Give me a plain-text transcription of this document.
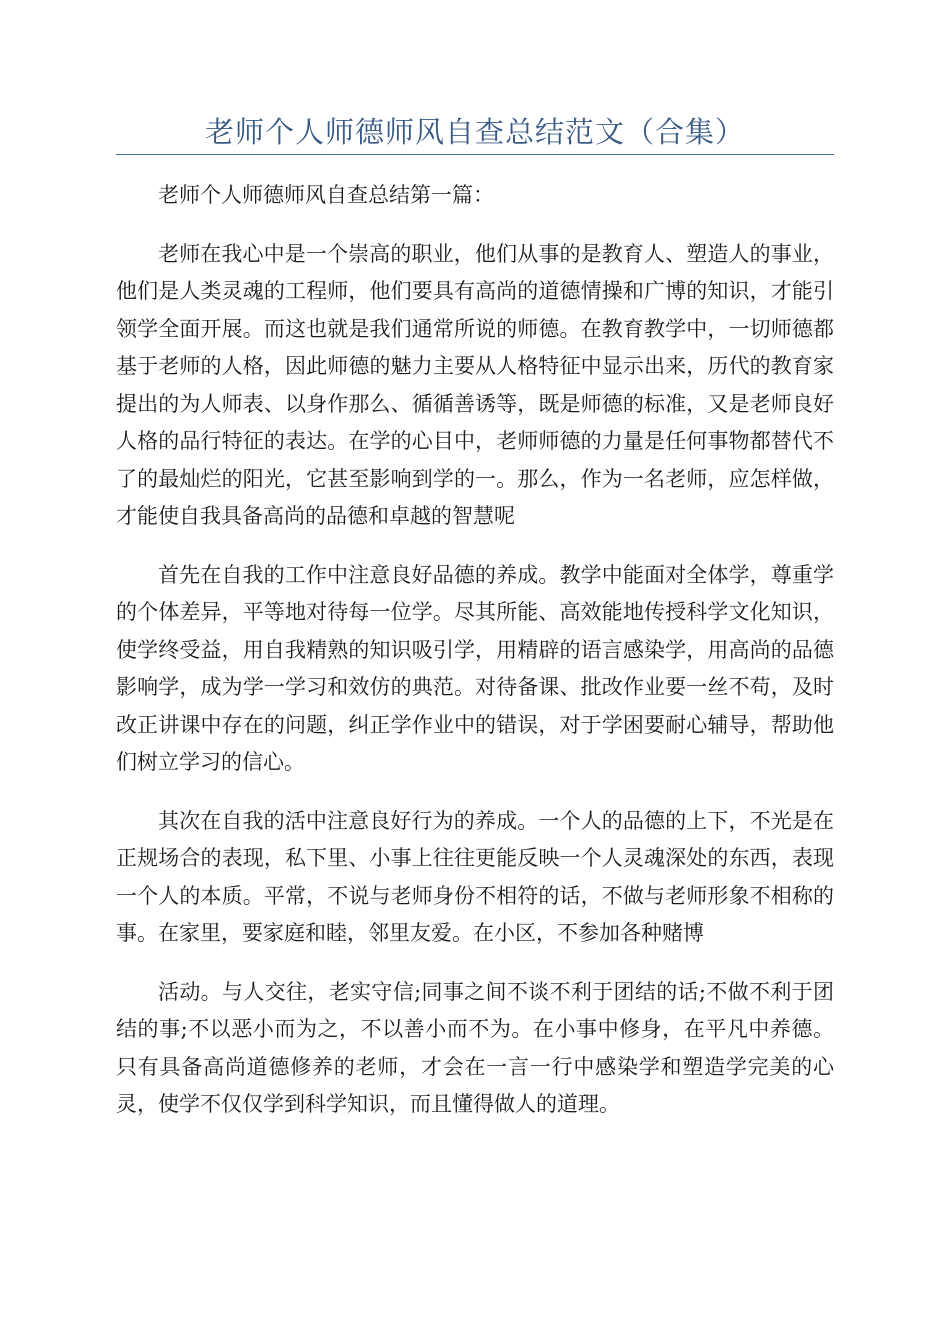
老师个人师德师风自查总结范文（合集）

老师个人师德师风自查总结第一篇：

老师在我心中是一个崇高的职业，他们从事的是教育人、塑造人的事业，他们是人类灵魂的工程师，他们要具有高尚的道德情操和广博的知识，才能引领学全面开展。而这也就是我们通常所说的师德。在教育教学中，一切师德都基于老师的人格，因此师德的魅力主要从人格特征中显示出来，历代的教育家提出的为人师表、以身作那么、循循善诱等，既是师德的标准，又是老师良好人格的品行特征的表达。在学的心目中，老师师德的力量是任何事物都替代不了的最灿烂的阳光，它甚至影响到学的一。那么，作为一名老师，应怎样做，才能使自我具备高尚的品德和卓越的智慧呢

首先在自我的工作中注意良好品德的养成。教学中能面对全体学，尊重学的个体差异，平等地对待每一位学。尽其所能、高效能地传授科学文化知识，使学终受益，用自我精熟的知识吸引学，用精辟的语言感染学，用高尚的品德影响学，成为学一学习和效仿的典范。对待备课、批改作业要一丝不苟，及时改正讲课中存在的问题，纠正学作业中的错误，对于学困要耐心辅导，帮助他们树立学习的信心。

其次在自我的活中注意良好行为的养成。一个人的品德的上下，不光是在正规场合的表现，私下里、小事上往往更能反映一个人灵魂深处的东西，表现一个人的本质。平常，不说与老师身份不相符的话，不做与老师形象不相称的事。在家里，要家庭和睦，邻里友爱。在小区，不参加各种赌博

活动。与人交往，老实守信;同事之间不谈不利于团结的话;不做不利于团结的事;不以恶小而为之，不以善小而不为。在小事中修身，在平凡中养德。只有具备高尚道德修养的老师，才会在一言一行中感染学和塑造学完美的心灵，使学不仅仅学到科学知识，而且懂得做人的道理。
